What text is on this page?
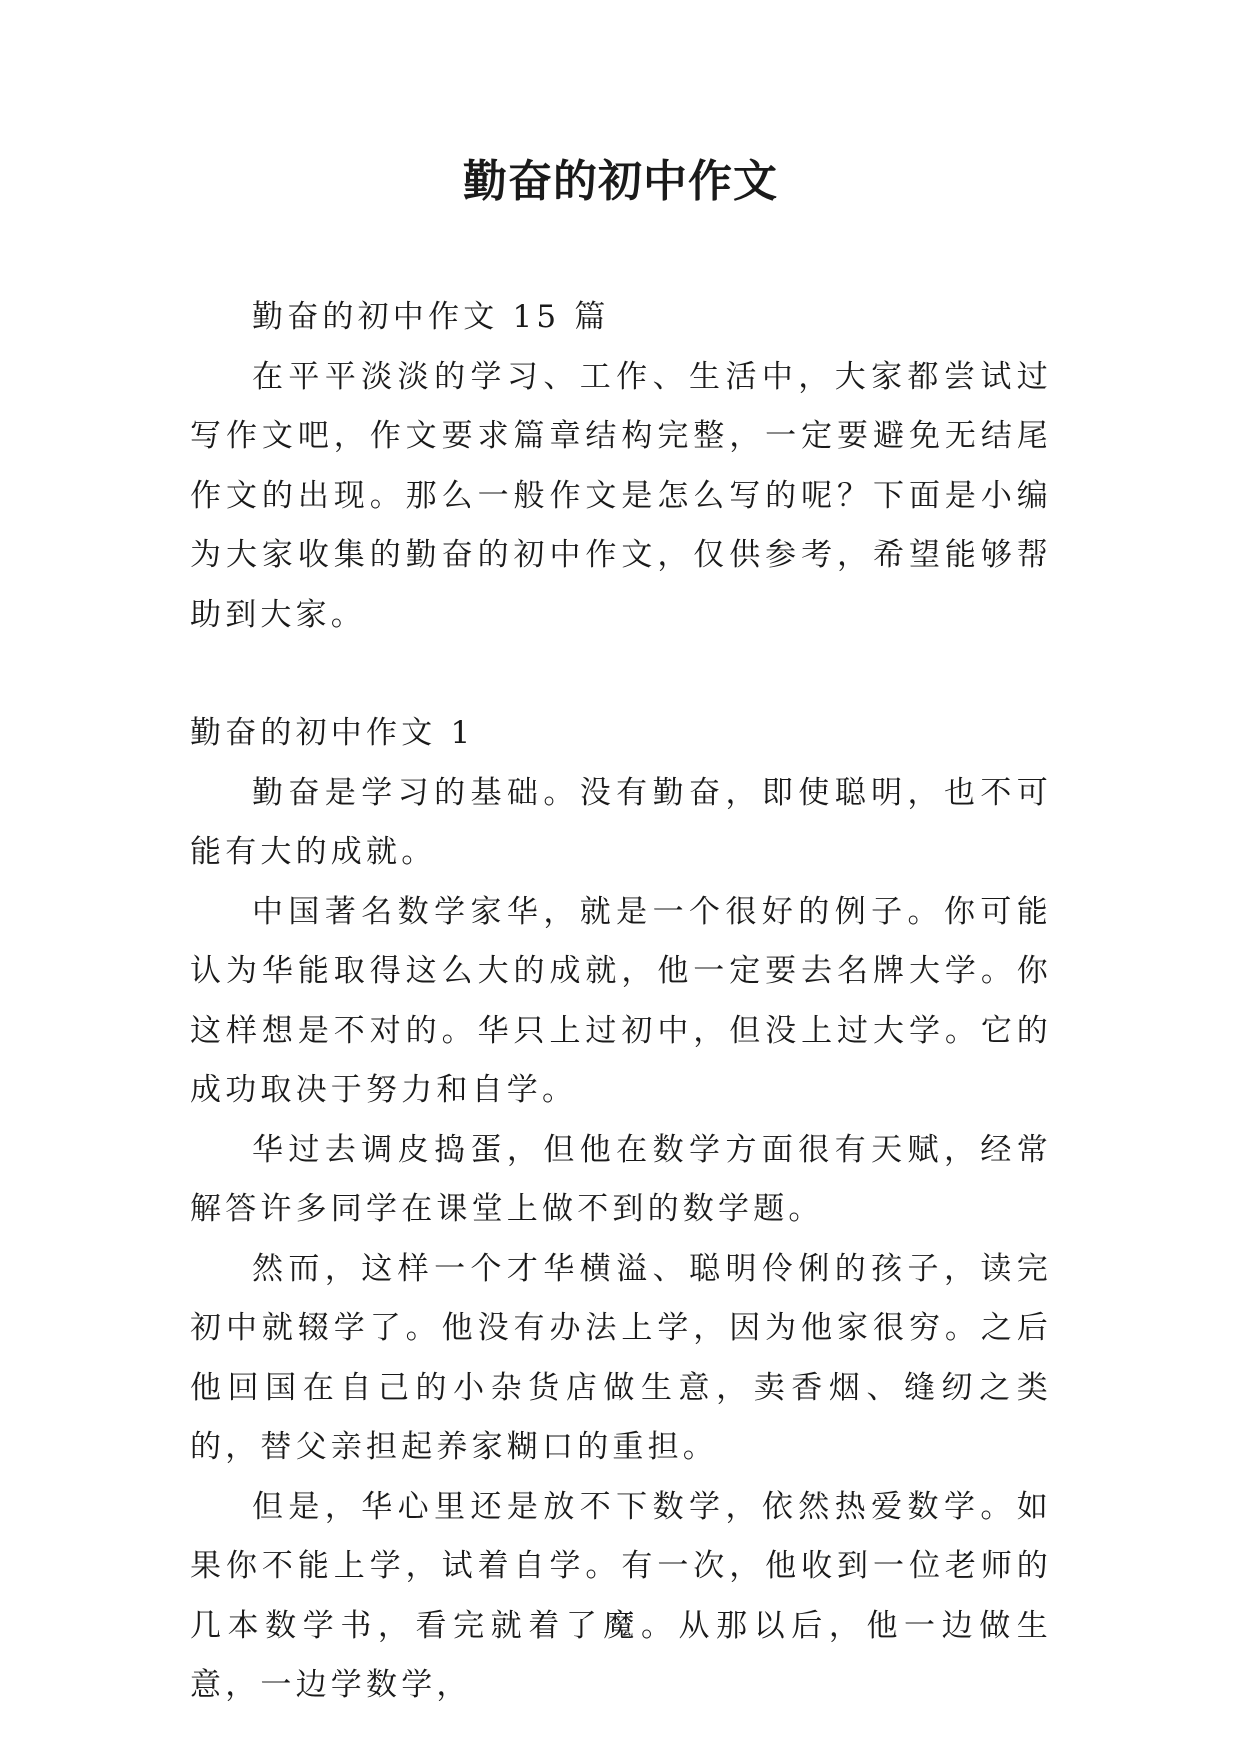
勤奋的初中作文

勤奋的初中作文 15 篇

在平平淡淡的学习、工作、生活中，大家都尝试过写作文吧，作文要求篇章结构完整，一定要避免无结尾作文的出现。那么一般作文是怎么写的呢？下面是小编为大家收集的勤奋的初中作文，仅供参考，希望能够帮助到大家。

勤奋的初中作文 1

勤奋是学习的基础。没有勤奋，即使聪明，也不可能有大的成就。

中国著名数学家华，就是一个很好的例子。你可能认为华能取得这么大的成就，他一定要去名牌大学。你这样想是不对的。华只上过初中，但没上过大学。它的成功取决于努力和自学。

华过去调皮捣蛋，但他在数学方面很有天赋，经常解答许多同学在课堂上做不到的数学题。

然而，这样一个才华横溢、聪明伶俐的孩子，读完初中就辍学了。他没有办法上学，因为他家很穷。之后他回国在自己的小杂货店做生意，卖香烟、缝纫之类的，替父亲担起养家糊口的重担。

但是，华心里还是放不下数学，依然热爱数学。如果你不能上学，试着自学。有一次，他收到一位老师的几本数学书，看完就着了魔。从那以后，他一边做生意，一边学数学，
